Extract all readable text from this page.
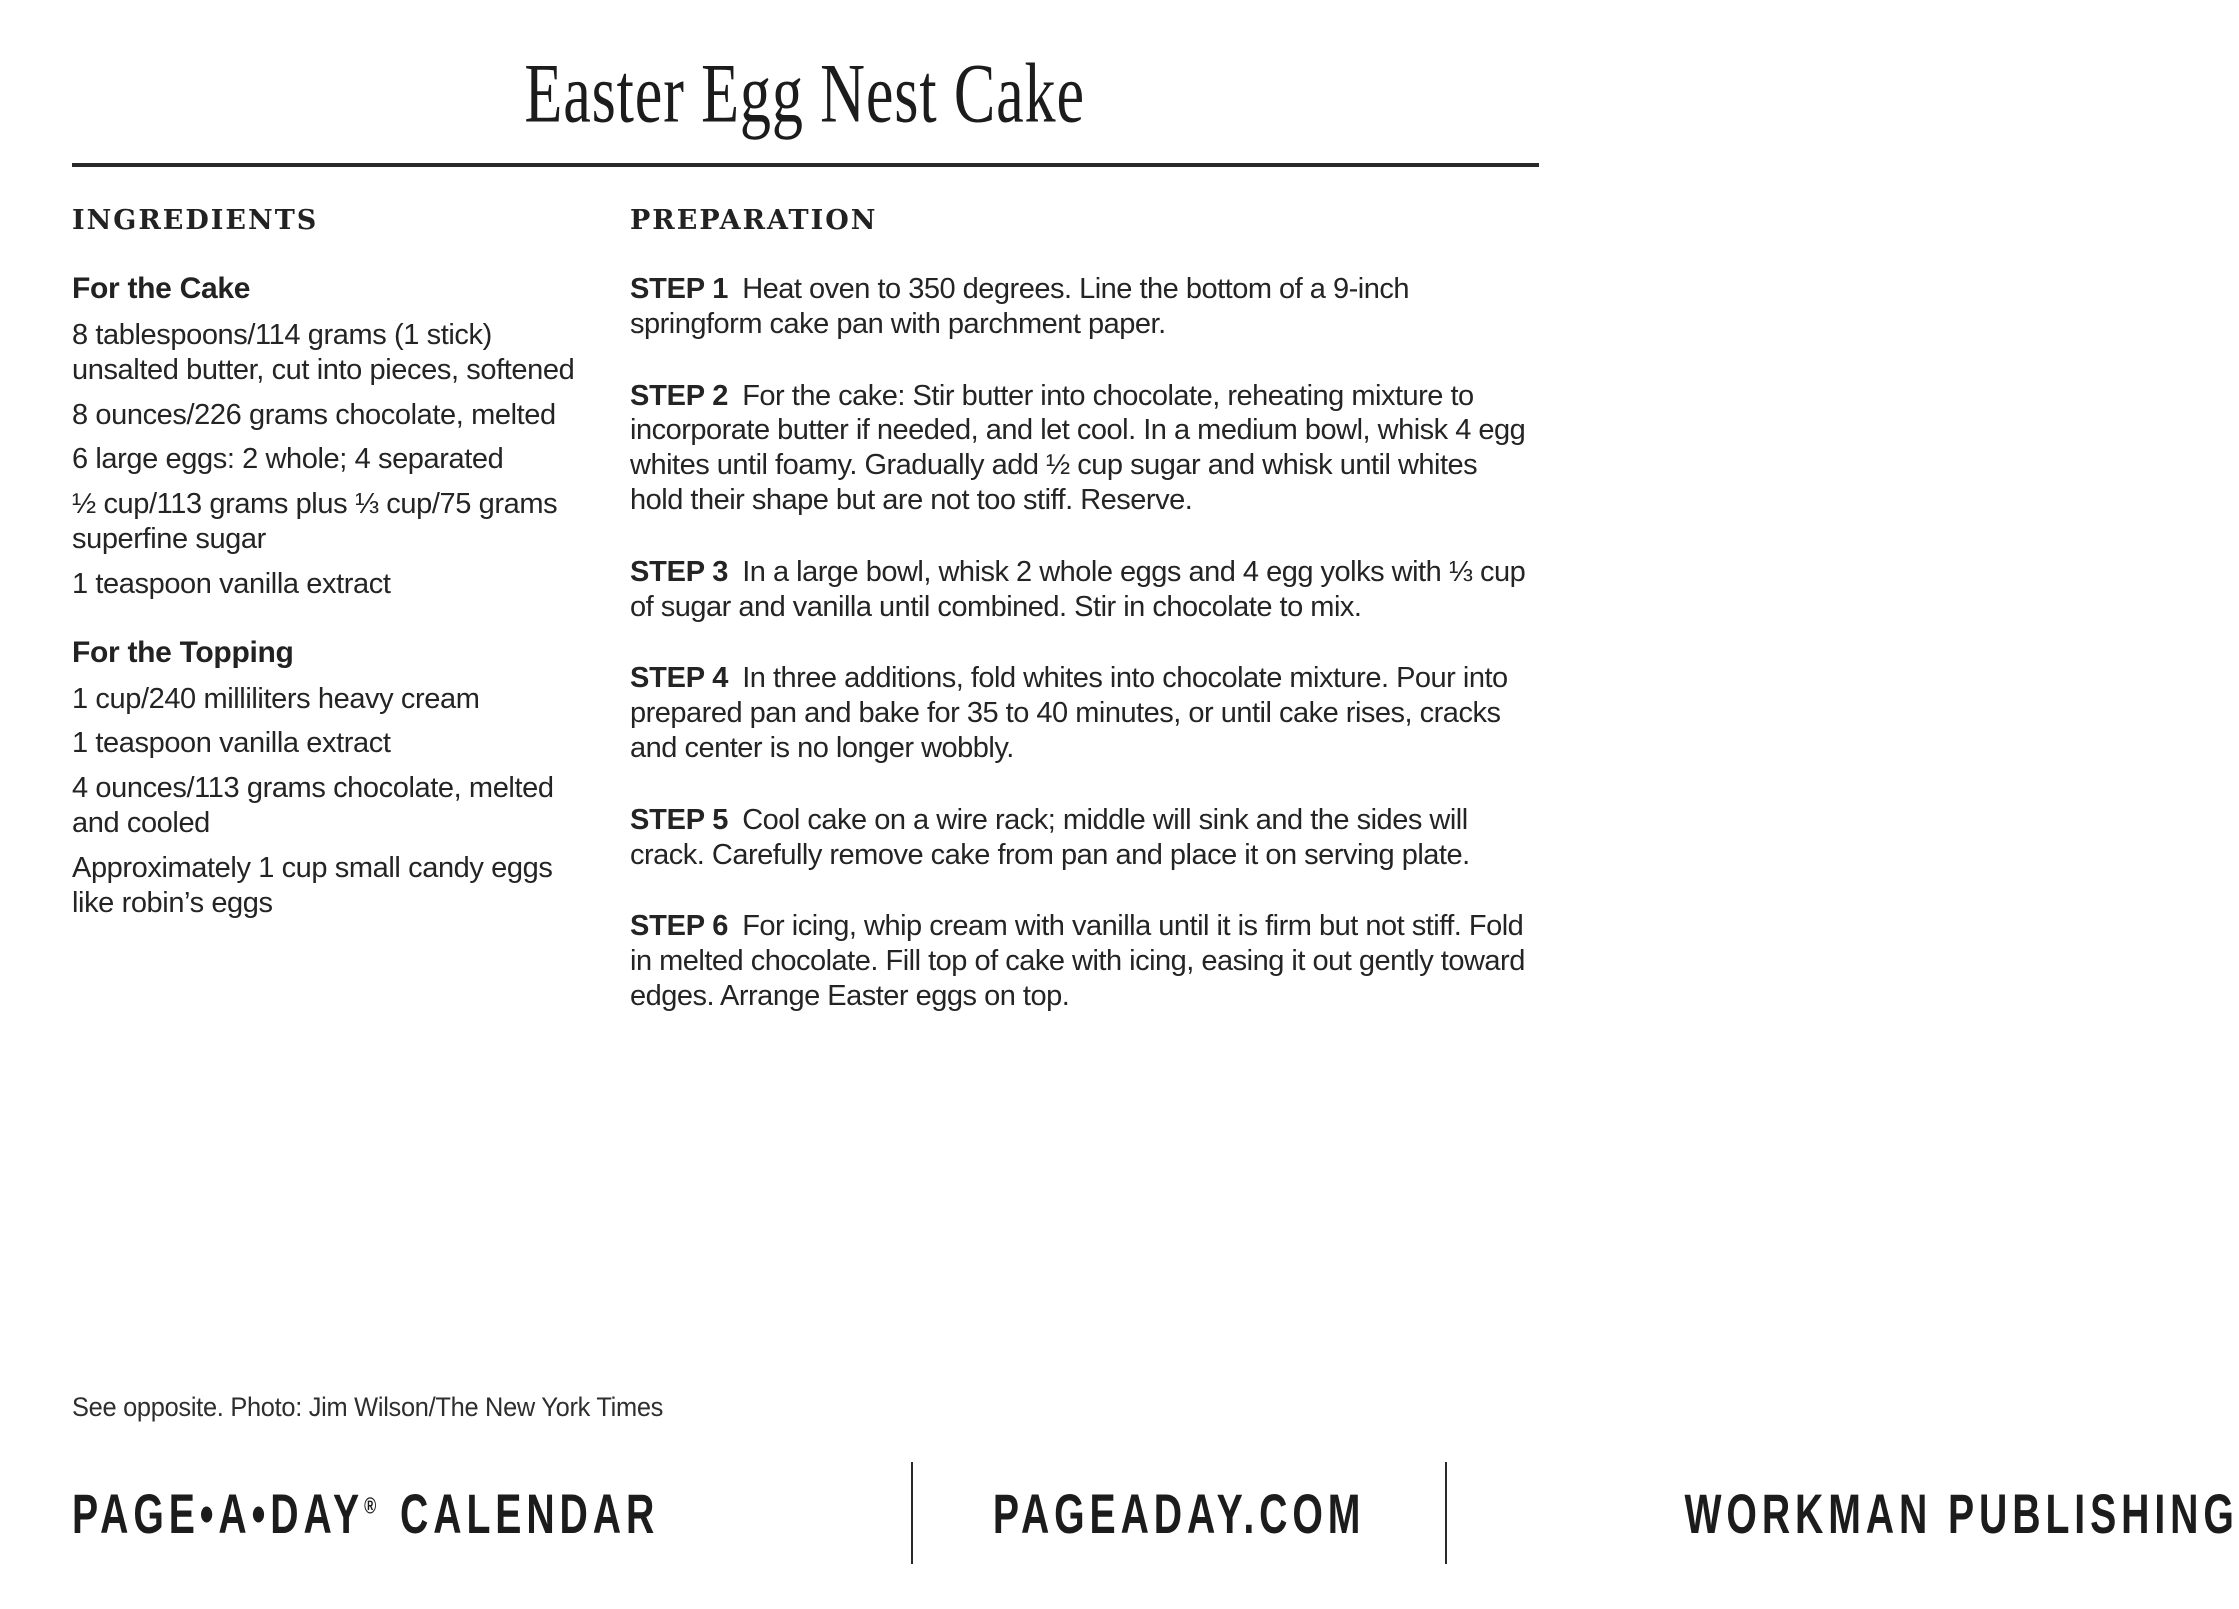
Easter Egg Nest Cake
INGREDIENTS
For the Cake

8 tablespoons/114 grams (1 stick) unsalted butter, cut into pieces, softened

8 ounces/226 grams chocolate, melted

6 large eggs: 2 whole; 4 separated

½ cup/113 grams plus ⅓ cup/75 grams superfine sugar

1 teaspoon vanilla extract

For the Topping

1 cup/240 milliliters heavy cream

1 teaspoon vanilla extract

4 ounces/113 grams chocolate, melted and cooled

Approximately 1 cup small candy eggs like robin’s eggs

PREPARATION

STEP 1 Heat oven to 350 degrees. Line the bottom of a 9-inch springform cake pan with parchment paper.

STEP 2 For the cake: Stir butter into chocolate, reheating mixture to incorporate butter if needed, and let cool. In a medium bowl, whisk 4 egg whites until foamy. Gradually add ½ cup sugar and whisk until whites hold their shape but are not too stiff. Reserve.

STEP 3 In a large bowl, whisk 2 whole eggs and 4 egg yolks with ⅓ cup of sugar and vanilla until combined. Stir in chocolate to mix.

STEP 4 In three additions, fold whites into chocolate mixture. Pour into prepared pan and bake for 35 to 40 minutes, or until cake rises, cracks and center is no longer wobbly.

STEP 5 Cool cake on a wire rack; middle will sink and the sides will crack. Carefully remove cake from pan and place it on serving plate.

STEP 6 For icing, whip cream with vanilla until it is firm but not stiff. Fold in melted chocolate. Fill top of cake with icing, easing it out gently toward edges. Arrange Easter eggs on top.

See opposite. Photo: Jim Wilson/The New York Times

PAGE•A•DAY® CALENDAR	PAGEADAY.COM	WORKMAN PUBLISHING
